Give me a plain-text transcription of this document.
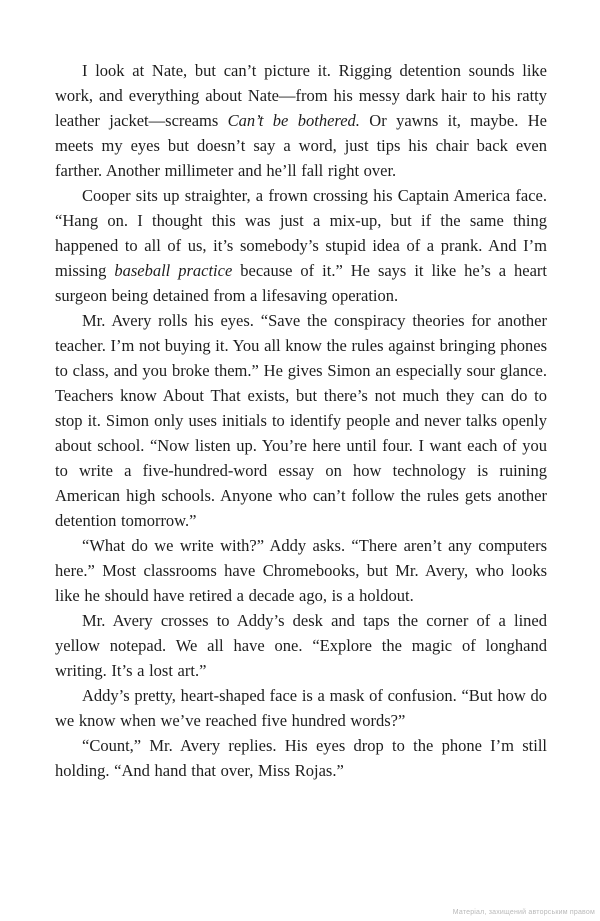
I look at Nate, but can’t picture it. Rigging detention sounds like work, and everything about Nate—from his messy dark hair to his ratty leather jacket—screams Can’t be bothered. Or yawns it, maybe. He meets my eyes but doesn’t say a word, just tips his chair back even farther. Another millimeter and he’ll fall right over.

Cooper sits up straighter, a frown crossing his Captain America face. “Hang on. I thought this was just a mix-up, but if the same thing happened to all of us, it’s somebody’s stupid idea of a prank. And I’m missing baseball practice because of it.” He says it like he’s a heart surgeon being detained from a lifesaving operation.

Mr. Avery rolls his eyes. “Save the conspiracy theories for another teacher. I’m not buying it. You all know the rules against bringing phones to class, and you broke them.” He gives Simon an especially sour glance. Teachers know About That exists, but there’s not much they can do to stop it. Simon only uses initials to identify people and never talks openly about school. “Now listen up. You’re here until four. I want each of you to write a five-hundred-word essay on how technology is ruining American high schools. Anyone who can’t follow the rules gets another detention tomorrow.”

“What do we write with?” Addy asks. “There aren’t any computers here.” Most classrooms have Chromebooks, but Mr. Avery, who looks like he should have retired a decade ago, is a holdout.

Mr. Avery crosses to Addy’s desk and taps the corner of a lined yellow notepad. We all have one. “Explore the magic of longhand writing. It’s a lost art.”

Addy’s pretty, heart-shaped face is a mask of confusion. “But how do we know when we’ve reached five hundred words?”

“Count,” Mr. Avery replies. His eyes drop to the phone I’m still holding. “And hand that over, Miss Rojas.”

Матеріал, захищений авторським правом
